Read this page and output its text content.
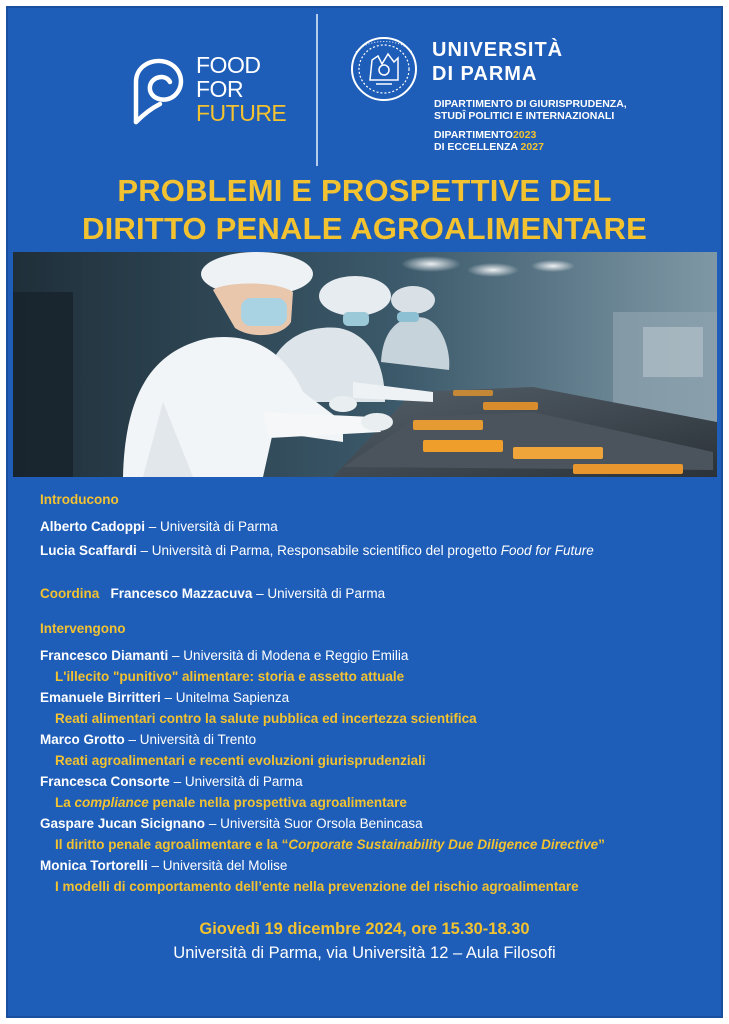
FOOD
FOR
FUTURE
UNIVERSITÀ
DI PARMA
DIPARTIMENTO DI GIURISPRUDENZA,
STUDÎ POLITICI E INTERNAZIONALI
DIPARTIMENTO2023
DI ECCELLENZA 2027
PROBLEMI E PROSPETTIVE DEL
DIRITTO PENALE AGROALIMENTARE
Introducono
Alberto Cadoppi – Università di Parma
Lucia Scaffardi – Università di Parma, Responsabile scientifico del progetto Food for Future
Coordina Francesco Mazzacuva – Università di Parma
Intervengono
Francesco Diamanti – Università di Modena e Reggio Emilia
L'illecito "punitivo" alimentare: storia e assetto attuale
Emanuele Birritteri – Unitelma Sapienza
Reati alimentari contro la salute pubblica ed incertezza scientifica
Marco Grotto – Università di Trento
Reati agroalimentari e recenti evoluzioni giurisprudenziali
Francesca Consorte – Università di Parma
La compliance penale nella prospettiva agroalimentare
Gaspare Jucan Sicignano – Università Suor Orsola Benincasa
Il diritto penale agroalimentare e la “Corporate Sustainability Due Diligence Directive”
Monica Tortorelli – Università del Molise
I modelli di comportamento dell’ente nella prevenzione del rischio agroalimentare
Giovedì 19 dicembre 2024, ore 15.30-18.30
Università di Parma, via Università 12 – Aula Filosofi
